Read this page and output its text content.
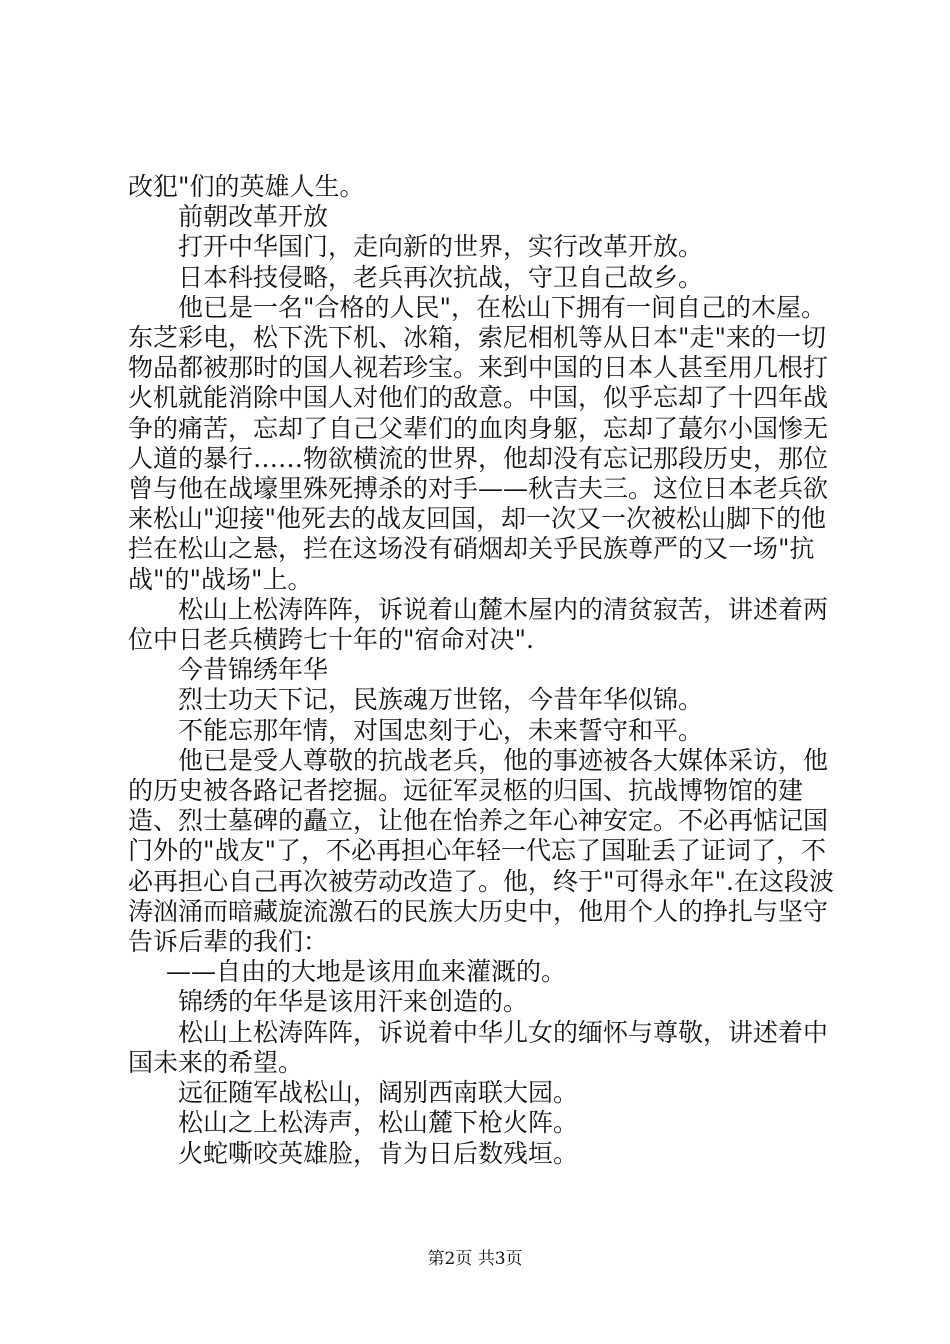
改犯"们的英雄人生。

前朝改革开放

打开中华国门，走向新的世界，实行改革开放。

日本科技侵略，老兵再次抗战，守卫自己故乡。

他已是一名"合格的人民"，在松山下拥有一间自己的木屋。东芝彩电，松下洗下机、冰箱，索尼相机等从日本"走"来的一切物品都被那时的国人视若珍宝。来到中国的日本人甚至用几根打火机就能消除中国人对他们的敌意。中国，似乎忘却了十四年战争的痛苦，忘却了自己父辈们的血肉身躯，忘却了蕞尔小国惨无人道的暴行……物欲横流的世界，他却没有忘记那段历史，那位曾与他在战壕里殊死搏杀的对手——秋吉夫三。这位日本老兵欲来松山"迎接"他死去的战友回国，却一次又一次被松山脚下的他拦在松山之悬，拦在这场没有硝烟却关乎民族尊严的又一场"抗战"的"战场"上。

松山上松涛阵阵，诉说着山麓木屋内的清贫寂苦，讲述着两位中日老兵横跨七十年的"宿命对决".

今昔锦绣年华

烈士功天下记，民族魂万世铭，今昔年华似锦。

不能忘那年情，对国忠刻于心，未来誓守和平。

他已是受人尊敬的抗战老兵，他的事迹被各大媒体采访，他的历史被各路记者挖掘。远征军灵柩的归国、抗战博物馆的建造、烈士墓碑的矗立，让他在怡养之年心神安定。不必再惦记国门外的"战友"了，不必再担心年轻一代忘了国耻丢了证词了，不必再担心自己再次被劳动改造了。他，终于"可得永年".在这段波涛汹涌而暗藏旋流激石的民族大历史中，他用个人的挣扎与坚守告诉后辈的我们：

——自由的大地是该用血来灌溉的。

锦绣的年华是该用汗来创造的。

松山上松涛阵阵，诉说着中华儿女的缅怀与尊敬，讲述着中国未来的希望。

远征随军战松山，阔别西南联大园。

松山之上松涛声，松山麓下枪火阵。

火蛇嘶咬英雄脸，肯为日后数残垣。

第2页 共3页
